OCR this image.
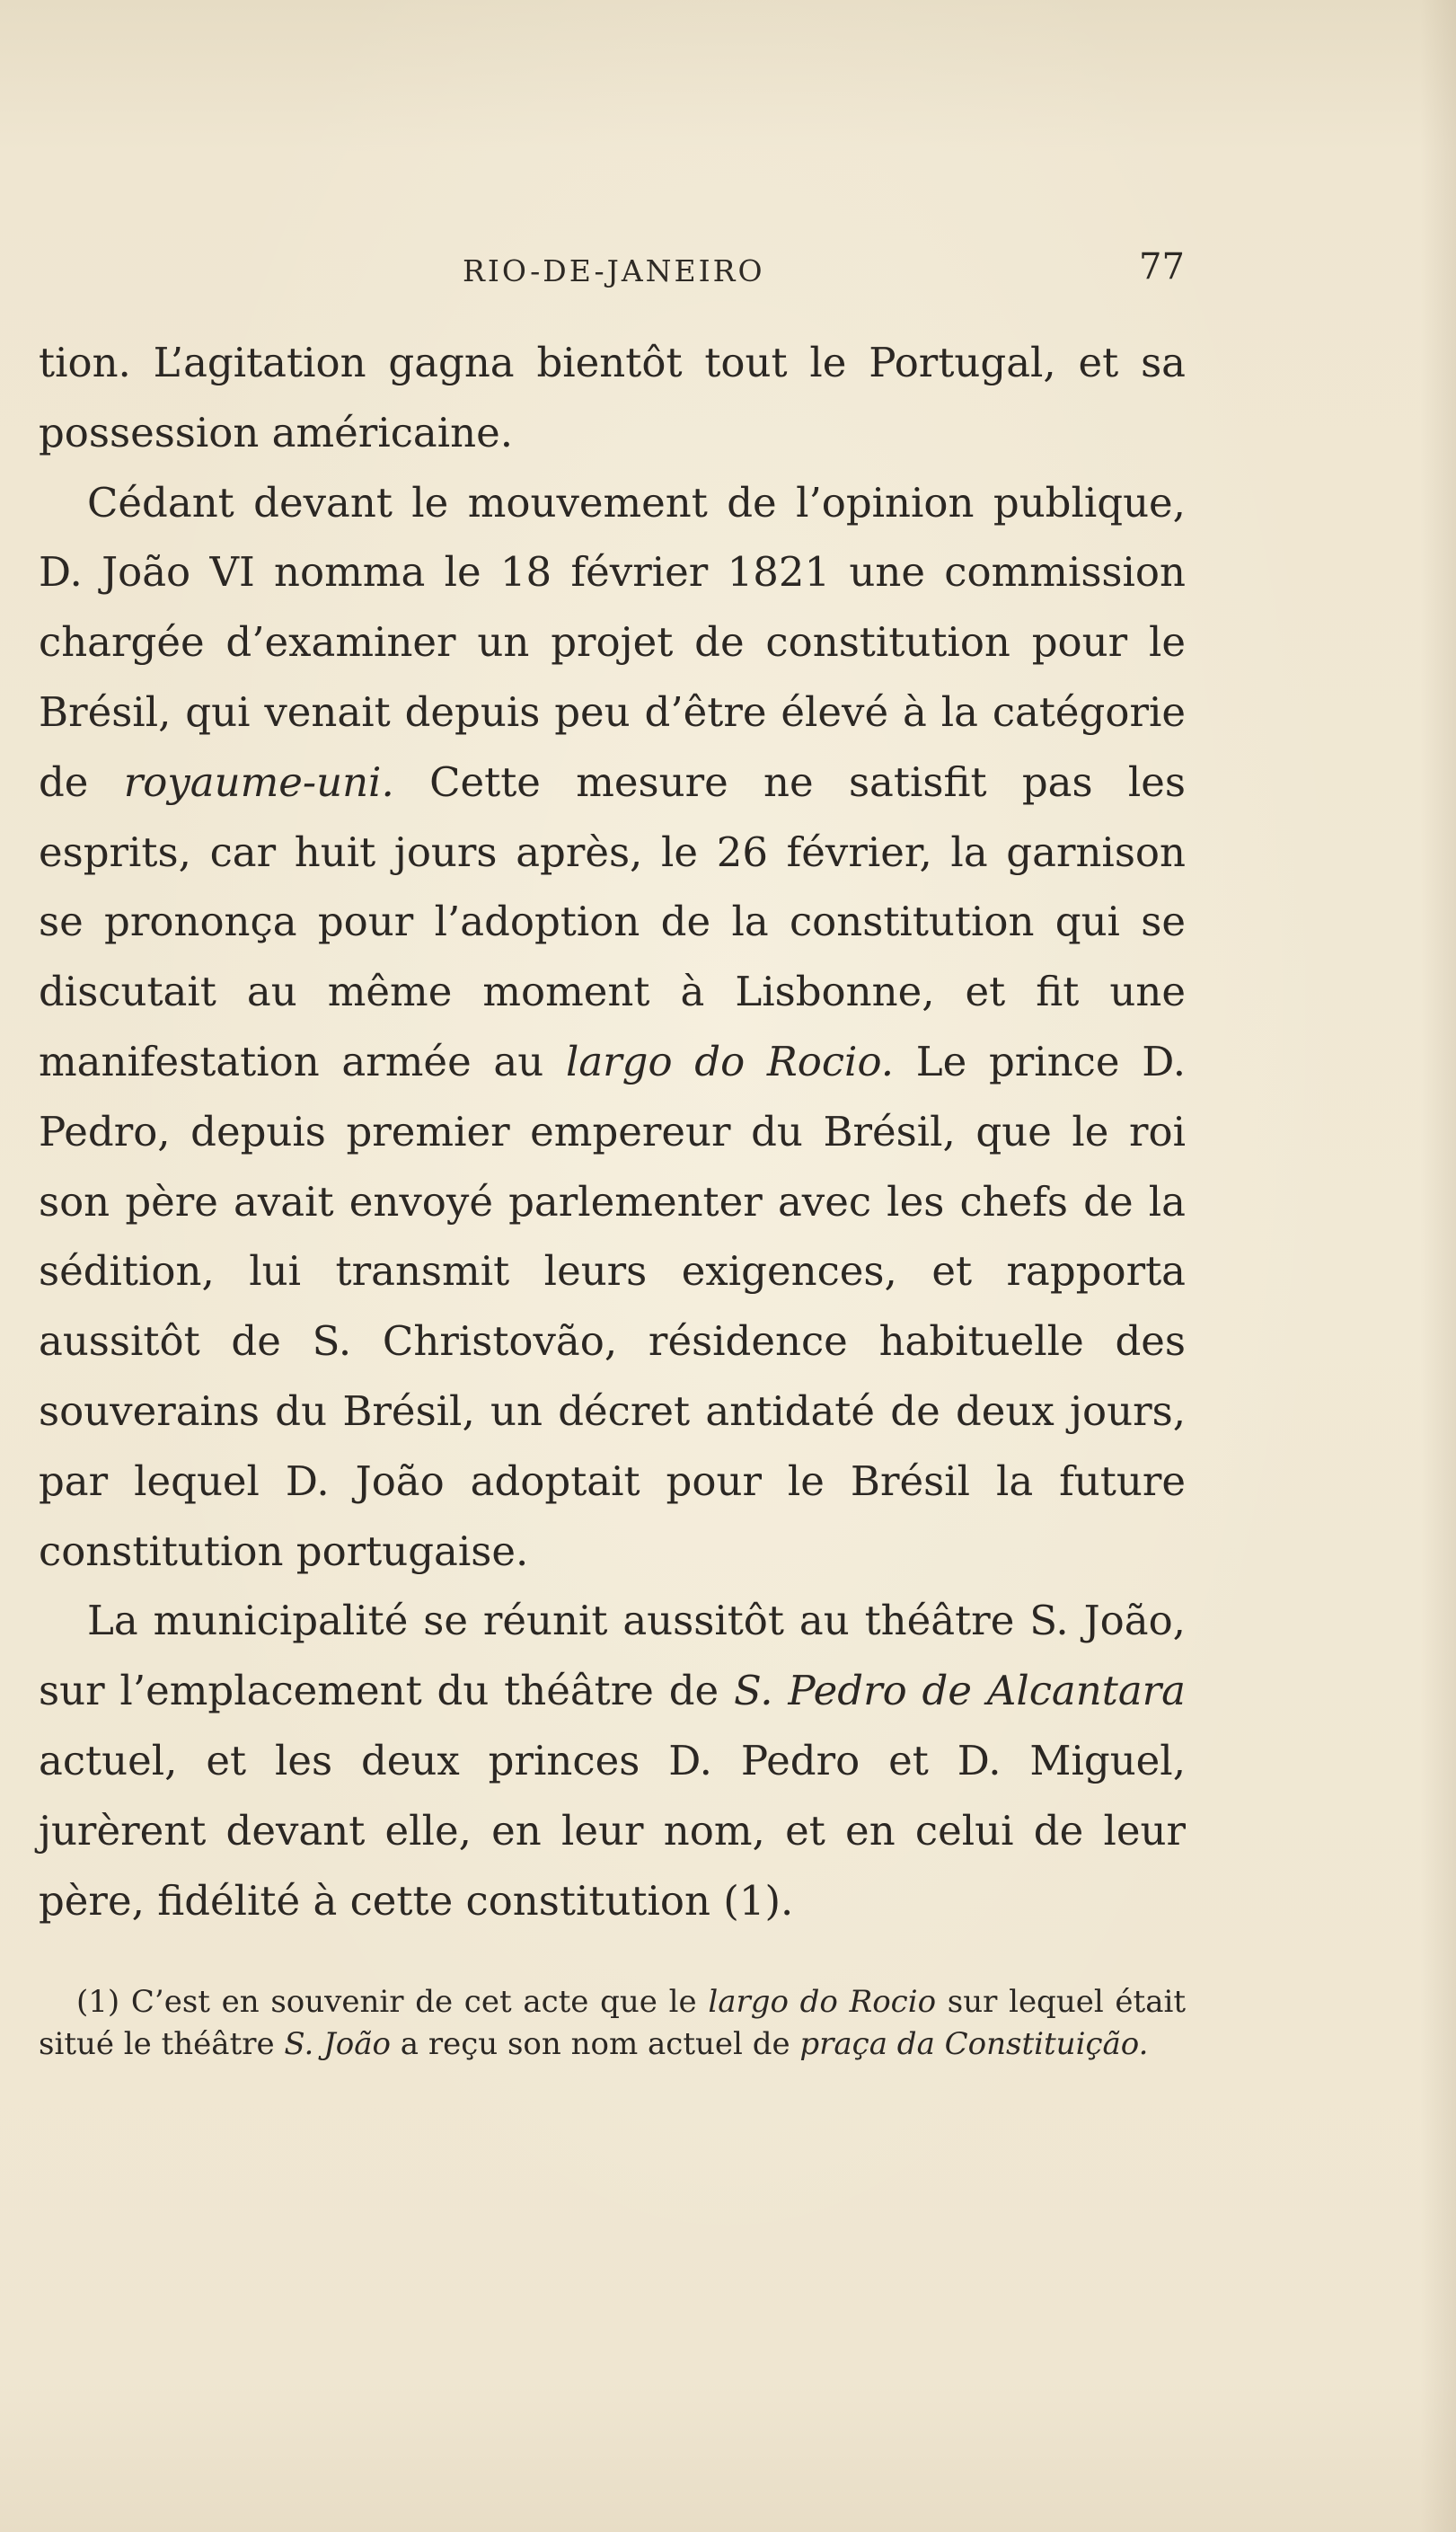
RIO-DE-JANEIRO	77

tion. L’agitation gagna bientôt tout le Portugal, et sa possession américaine.

Cédant devant le mouvement de l’opinion publique, D. João VI nomma le 18 février 1821 une commission chargée d’examiner un projet de constitution pour le Brésil, qui venait depuis peu d’être élevé à la catégorie de royaume-uni. Cette mesure ne satisfit pas les esprits, car huit jours après, le 26 février, la garnison se prononça pour l’adoption de la constitution qui se discutait au même moment à Lisbonne, et fit une manifestation armée au largo do Rocio. Le prince D. Pedro, depuis premier empereur du Brésil, que le roi son père avait envoyé parlementer avec les chefs de la sédition, lui transmit leurs exigences, et rapporta aussitôt de S. Christovão, résidence habituelle des souverains du Brésil, un décret antidaté de deux jours, par lequel D. João adoptait pour le Brésil la future constitution portugaise.

La municipalité se réunit aussitôt au théâtre S. João, sur l’emplacement du théâtre de S. Pedro de Alcantara actuel, et les deux princes D. Pedro et D. Miguel, jurèrent devant elle, en leur nom, et en celui de leur père, fidélité à cette constitution (1).

(1) C’est en souvenir de cet acte que le largo do Rocio sur lequel était situé le théâtre S. João a reçu son nom actuel de praça da Constituição.
